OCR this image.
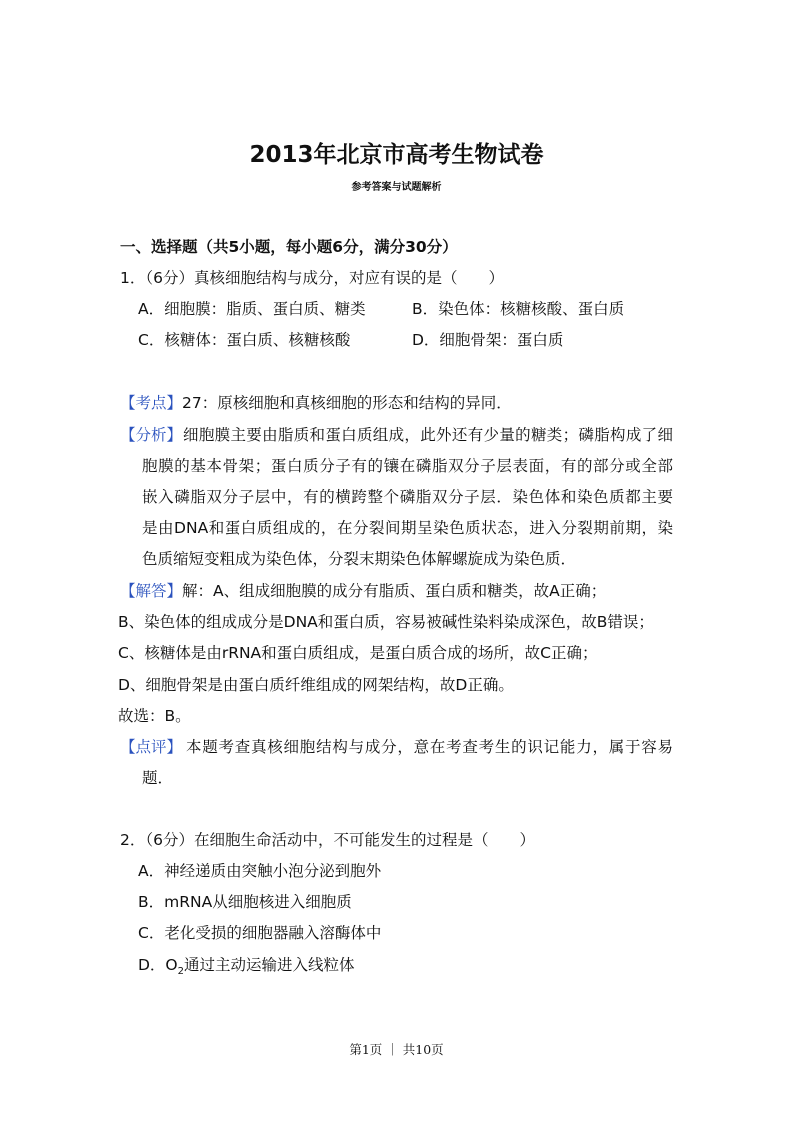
2013年北京市高考生物试卷
参考答案与试题解析
一、选择题（共5小题，每小题6分，满分30分）
1．（6分）真核细胞结构与成分，对应有误的是（　　）
A．细胞膜：脂质、蛋白质、糖类	B．染色体：核糖核酸、蛋白质
C．核糖体：蛋白质、核糖核酸	D．细胞骨架：蛋白质
【考点】27：原核细胞和真核细胞的形态和结构的异同．
【分析】 细胞膜主要由脂质和蛋白质组成，此外还有少量的糖类；磷脂构成了细
胞膜的基本骨架；蛋白质分子有的镶在磷脂双分子层表面，有的部分或全部
嵌入磷脂双分子层中，有的横跨整个磷脂双分子层．染色体和染色质都主要
是由DNA和蛋白质组成的，在分裂间期呈染色质状态，进入分裂期前期，染
色质缩短变粗成为染色体，分裂末期染色体解螺旋成为染色质．
【解答】解：A、组成细胞膜的成分有脂质、蛋白质和糖类，故A正确；
B、染色体的组成成分是DNA和蛋白质，容易被碱性染料染成深色，故B错误；
C、核糖体是由rRNA和蛋白质组成，是蛋白质合成的场所，故C正确；
D、细胞骨架是由蛋白质纤维组成的网架结构，故D正确。
故选：B。
【点评】 本题考查真核细胞结构与成分，意在考查考生的识记能力，属于容易
题．
2．（6分）在细胞生命活动中，不可能发生的过程是（　　）
A．神经递质由突触小泡分泌到胞外
B．mRNA从细胞核进入细胞质
C．老化受损的细胞器融入溶酶体中
D．$O_2$通过主动运输进入线粒体
第1页 ｜ 共10页
